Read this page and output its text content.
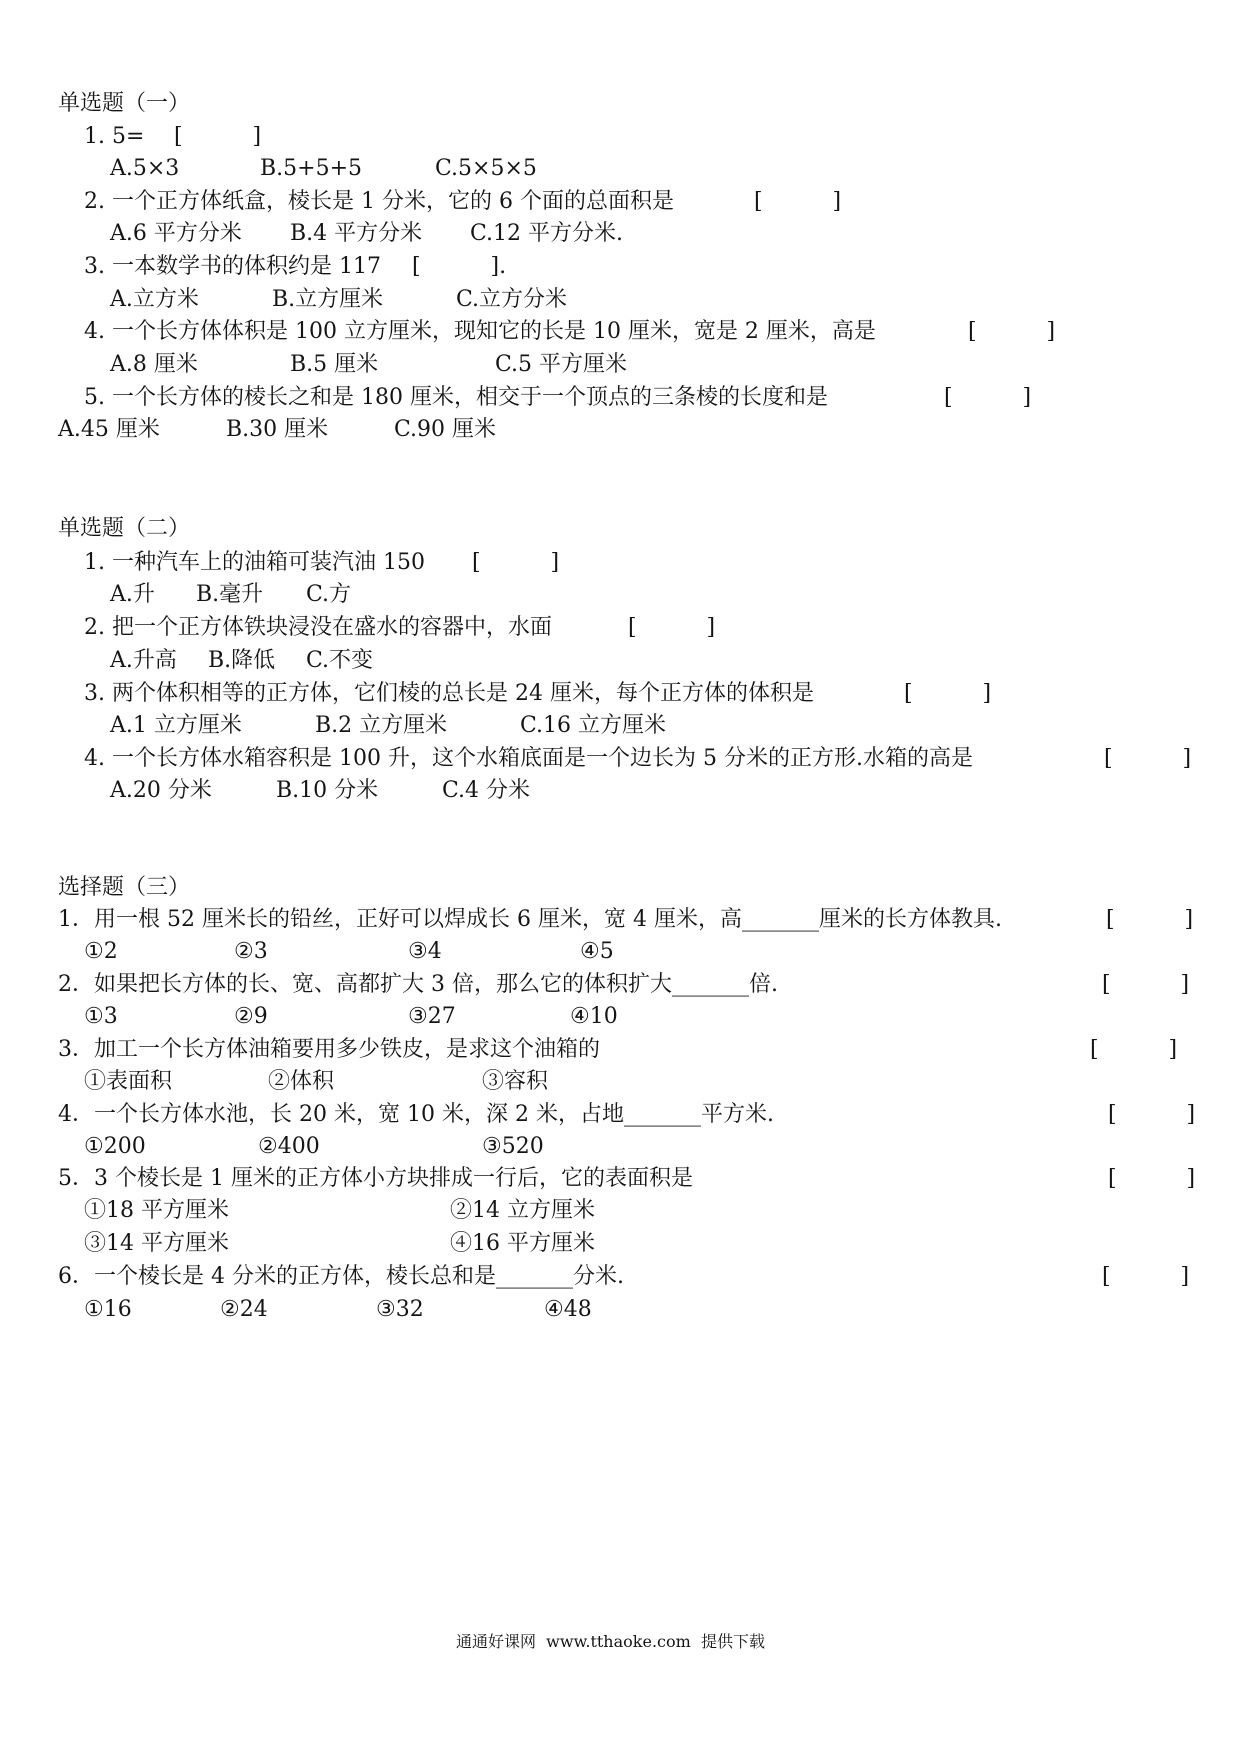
单选题（一）
1. 5= [          ]
A.5×3	B.5+5+5	C.5×5×5
2. 一个正方体纸盒，棱长是 1 分米，它的 6 个面的总面积是	[          ]
A.6 平方分米 B.4 平方分米 C.12 平方分米.
3. 一本数学书的体积约是 117 [          ].
A.立方米	B.立方厘米	C.立方分米
4. 一个长方体体积是 100 立方厘米，现知它的长是 10 厘米，宽是 2 厘米，高是	[          ]
A.8 厘米	B.5 厘米	C.5 平方厘米
5. 一个长方体的棱长之和是 180 厘米，相交于一个顶点的三条棱的长度和是	[          ]
A.45 厘米	B.30 厘米	C.90 厘米
单选题（二）
1. 一种汽车上的油箱可装汽油 150 [          ]
A.升 B.毫升 C.方
2. 把一个正方体铁块浸没在盛水的容器中，水面	[          ]
A.升高 B.降低 C.不变
3. 两个体积相等的正方体，它们棱的总长是 24 厘米，每个正方体的体积是	[          ]
A.1 立方厘米	B.2 立方厘米	C.16 立方厘米
4. 一个长方体水箱容积是 100 升，这个水箱底面是一个边长为 5 分米的正方形.水箱的高是	[          ]
A.20 分米	B.10 分米	C.4 分米
选择题（三）
1．用一根 52 厘米长的铅丝，正好可以焊成长 6 厘米，宽 4 厘米，高_______厘米的长方体教具.	[          ]
①2	②3	③4	④5
2．如果把长方体的长、宽、高都扩大 3 倍，那么它的体积扩大_______倍.	[          ]
①3	②9	③27	④10
3．加工一个长方体油箱要用多少铁皮，是求这个油箱的	[          ]
①表面积	②体积	③容积
4．一个长方体水池，长 20 米，宽 10 米，深 2 米，占地_______平方米.	[          ]
①200	②400	③520
5．3 个棱长是 1 厘米的正方体小方块排成一行后，它的表面积是	[          ]
①18 平方厘米	②14 立方厘米
③14 平方厘米	④16 平方厘米
6．一个棱长是 4 分米的正方体，棱长总和是_______分米.	[          ]
①16	②24	③32	④48
通通好课网  www.tthaoke.com  提供下载
